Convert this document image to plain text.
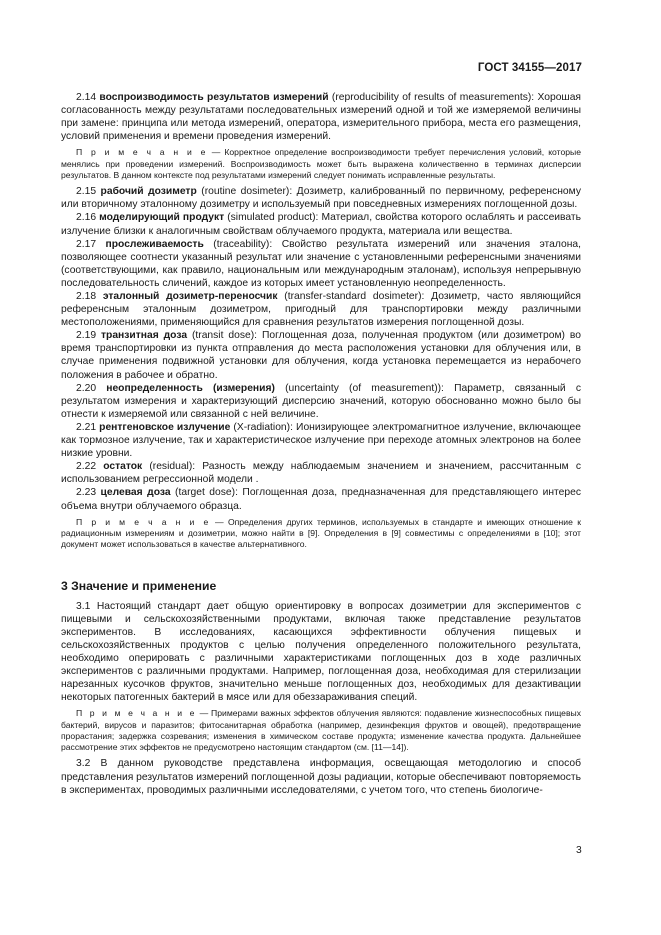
ГОСТ 34155—2017

2.14 воспроизводимость результатов измерений (reproducibility of results of measurements): Хорошая согласованность между результатами последовательных измерений одной и той же измеряемой величины при замене: принципа или метода измерений, оператора, измерительного прибора, места его размещения, условий применения и времени проведения измерений.

П р и м е ч а н и е — Корректное определение воспроизводимости требует перечисления условий, которые менялись при проведении измерений. Воспроизводимость может быть выражена количественно в терминах дисперсии результатов. В данном контексте под результатами измерений следует понимать исправленные результаты.

2.15 рабочий дозиметр (routine dosimeter): Дозиметр, калиброванный по первичному, референсному или вторичному эталонному дозиметру и используемый при повседневных измерениях поглощенной дозы.

2.16 моделирующий продукт (simulated product): Материал, свойства которого ослаблять и рассеивать излучение близки к аналогичным свойствам облучаемого продукта, материала или вещества.

2.17 прослеживаемость (traceability): Свойство результата измерений или значения эталона, позволяющее соотнести указанный результат или значение с установленными референсными значениями (соответствующими, как правило, национальным или международным эталонам), используя непрерывную последовательность сличений, каждое из которых имеет установленную неопределенность.

2.18 эталонный дозиметр-переносчик (transfer-standard dosimeter): Дозиметр, часто являющийся референсным эталонным дозиметром, пригодный для транспортировки между различными местоположениями, применяющийся для сравнения результатов измерения поглощенной дозы.

2.19 транзитная доза (transit dose): Поглощенная доза, полученная продуктом (или дозиметром) во время транспортировки из пункта отправления до места расположения установки для облучения или, в случае применения подвижной установки для облучения, когда установка перемещается из нерабочего положения в рабочее и обратно.

2.20 неопределенность (измерения) (uncertainty (of measurement)): Параметр, связанный с результатом измерения и характеризующий дисперсию значений, которую обоснованно можно было бы отнести к измеряемой или связанной с ней величине.

2.21 рентгеновское излучение (X-radiation): Ионизирующее электромагнитное излучение, включающее как тормозное излучение, так и характеристическое излучение при переходе атомных электронов на более низкие уровни.

2.22 остаток (residual): Разность между наблюдаемым значением и значением, рассчитанным с использованием регрессионной модели .

2.23 целевая доза (target dose): Поглощенная доза, предназначенная для представляющего интерес объема внутри облучаемого образца.

П р и м е ч а н и е — Определения других терминов, используемых в стандарте и имеющих отношение к радиационным измерениям и дозиметрии, можно найти в [9]. Определения в [9] совместимы с определениями в [10]; этот документ может использоваться в качестве альтернативного.

3 Значение и применение

3.1 Настоящий стандарт дает общую ориентировку в вопросах дозиметрии для экспериментов с пищевыми и сельскохозяйственными продуктами, включая также представление результатов экспериментов. В исследованиях, касающихся эффективности облучения пищевых и сельскохозяйственных продуктов с целью получения определенного положительного результата, необходимо оперировать с различными характеристиками поглощенных доз в ходе различных экспериментов с различными продуктами. Например, поглощенная доза, необходимая для стерилизации нарезанных кусочков фруктов, значительно меньше поглощенных доз, необходимых для дезактивации некоторых патогенных бактерий в мясе или для обеззараживания специй.

П р и м е ч а н и е — Примерами важных эффектов облучения являются: подавление жизнеспособных пищевых бактерий, вирусов и паразитов; фитосанитарная обработка (например, дезинфекция фруктов и овощей), предотвращение прорастания; задержка созревания; изменения в химическом составе продукта; изменение качества продукта. Дальнейшее рассмотрение этих эффектов не предусмотрено настоящим стандартом (см. [11—14]).

3.2 В данном руководстве представлена информация, освещающая методологию и способ представления результатов измерений поглощенной дозы радиации, которые обеспечивают повторяемость в экспериментах, проводимых различными исследователями, с учетом того, что степень биологиче-

3
